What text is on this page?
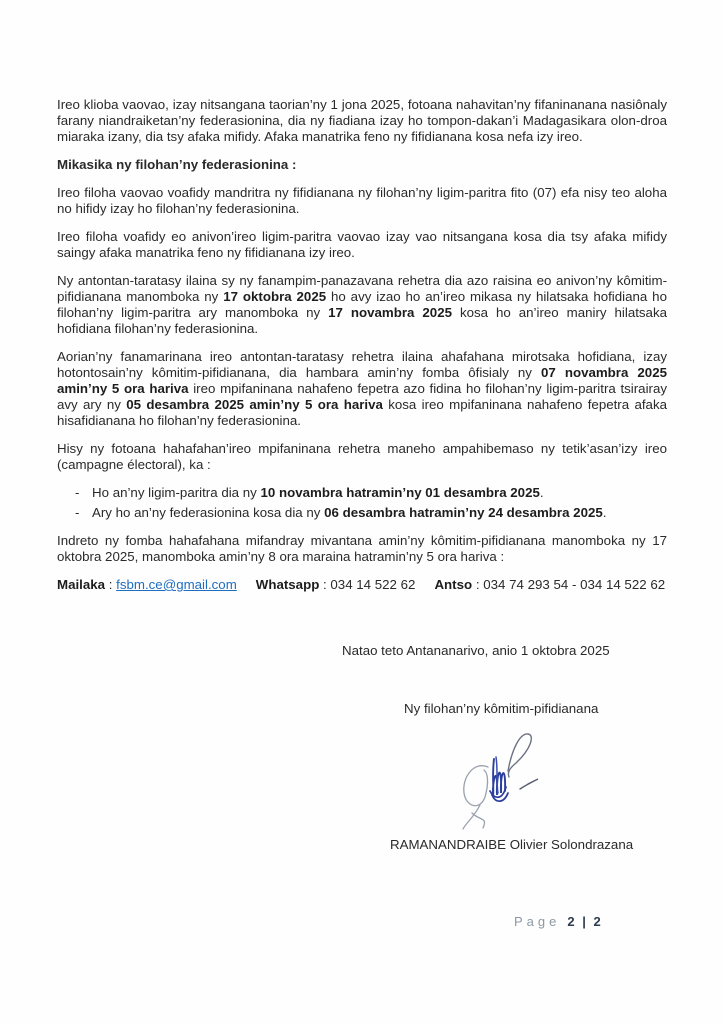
Ireo klioba vaovao, izay nitsangana taorian’ny 1 jona 2025, fotoana nahavitan’ny fifaninanana nasiônaly farany niandraiketan’ny federasionina, dia ny fiadiana izay ho tompon-dakan’i Madagasikara olon-droa miaraka izany, dia tsy afaka mifidy. Afaka manatrika feno ny fifidianana kosa nefa izy ireo.

Mikasika ny filohan’ny federasionina :

Ireo filoha vaovao voafidy mandritra ny fifidianana ny filohan’ny ligim-paritra fito (07) efa nisy teo aloha no hifidy izay ho filohan’ny federasionina.

Ireo filoha voafidy eo anivon’ireo ligim-paritra vaovao izay vao nitsangana kosa dia tsy afaka mifidy saingy afaka manatrika feno ny fifidianana izy ireo.

Ny antontan-taratasy ilaina sy ny fanampim-panazavana rehetra dia azo raisina eo anivon’ny kômitim-pifidianana manomboka ny 17 oktobra 2025 ho avy izao ho an’ireo mikasa ny hilatsaka hofidiana ho filohan’ny ligim-paritra ary manomboka ny 17 novambra 2025 kosa ho an’ireo maniry hilatsaka hofidiana filohan’ny federasionina.

Aorian’ny fanamarinana ireo antontan-taratasy rehetra ilaina ahafahana mirotsaka hofidiana, izay hotontosain’ny kômitim-pifidianana, dia hambara amin’ny fomba ôfisialy ny 07 novambra 2025 amin’ny 5 ora hariva ireo mpifaninana nahafeno fepetra azo fidina ho filohan’ny ligim-paritra tsirairay avy ary ny 05 desambra 2025 amin’ny 5 ora hariva kosa ireo mpifaninana nahafeno fepetra afaka hisafidianana ho filohan’ny federasionina.

Hisy ny fotoana hahafahan’ireo mpifaninana rehetra maneho ampahibemaso ny tetik’asan’izy ireo (campagne électoral), ka :

- Ho an’ny ligim-paritra dia ny 10 novambra hatramin’ny 01 desambra 2025.
- Ary ho an’ny federasionina kosa dia ny 06 desambra hatramin’ny 24 desambra 2025.

Indreto ny fomba hahafahana mifandray mivantana amin’ny kômitim-pifidianana manomboka ny 17 oktobra 2025, manomboka amin’ny 8 ora maraina hatramin’ny 5 ora hariva :

Mailaka : fsbm.ce@gmail.com Whatsapp : 034 14 522 62 Antso : 034 74 293 54 - 034 14 522 62

Natao teto Antananarivo, anio 1 oktobra 2025

Ny filohan’ny kômitim-pifidianana

RAMANANDRAIBE Olivier Solondrazana

Page 2 | 2
